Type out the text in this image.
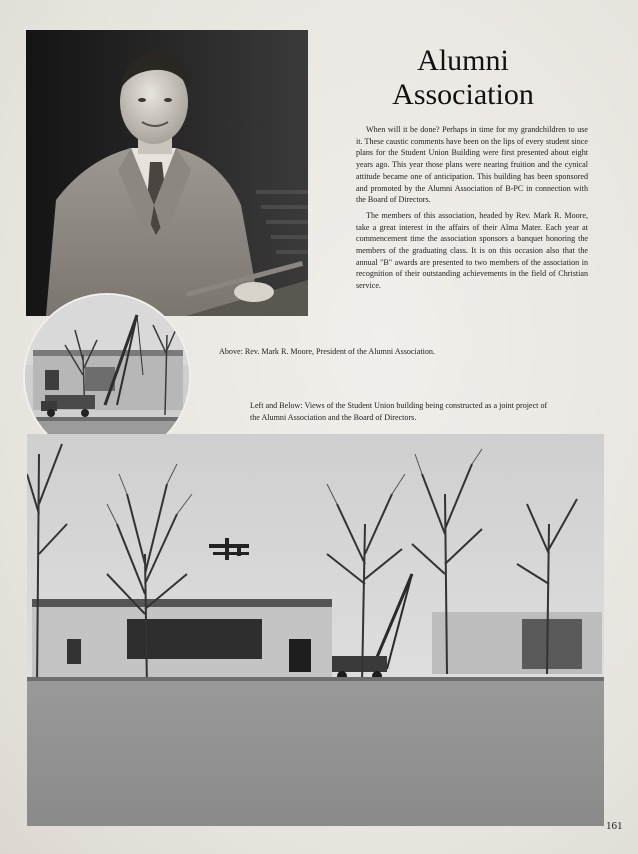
Alumni
Association

When will it be done? Perhaps in time for my grandchildren to use it. These caustic comments have been on the lips of every student since plans for the Student Union Building were first presented about eight years ago. This year those plans were nearing fruition and the cynical attitude became one of anticipation. This building has been sponsored and promoted by the Alumni Association of B-PC in connection with the Board of Directors.

The members of this association, headed by Rev. Mark R. Moore, take a great interest in the affairs of their Alma Mater. Each year at commencement time the association sponsors a banquet honoring the members of the graduating class. It is on this occasion also that the annual "B" awards are presented to two members of the association in recognition of their outstanding achievements in the field of Christian service.

Above: Rev. Mark R. Moore, President of the Alumni Association.
Left and Below: Views of the Student Union building being constructed as a joint project of the Alumni Association and the Board of Directors.
161
